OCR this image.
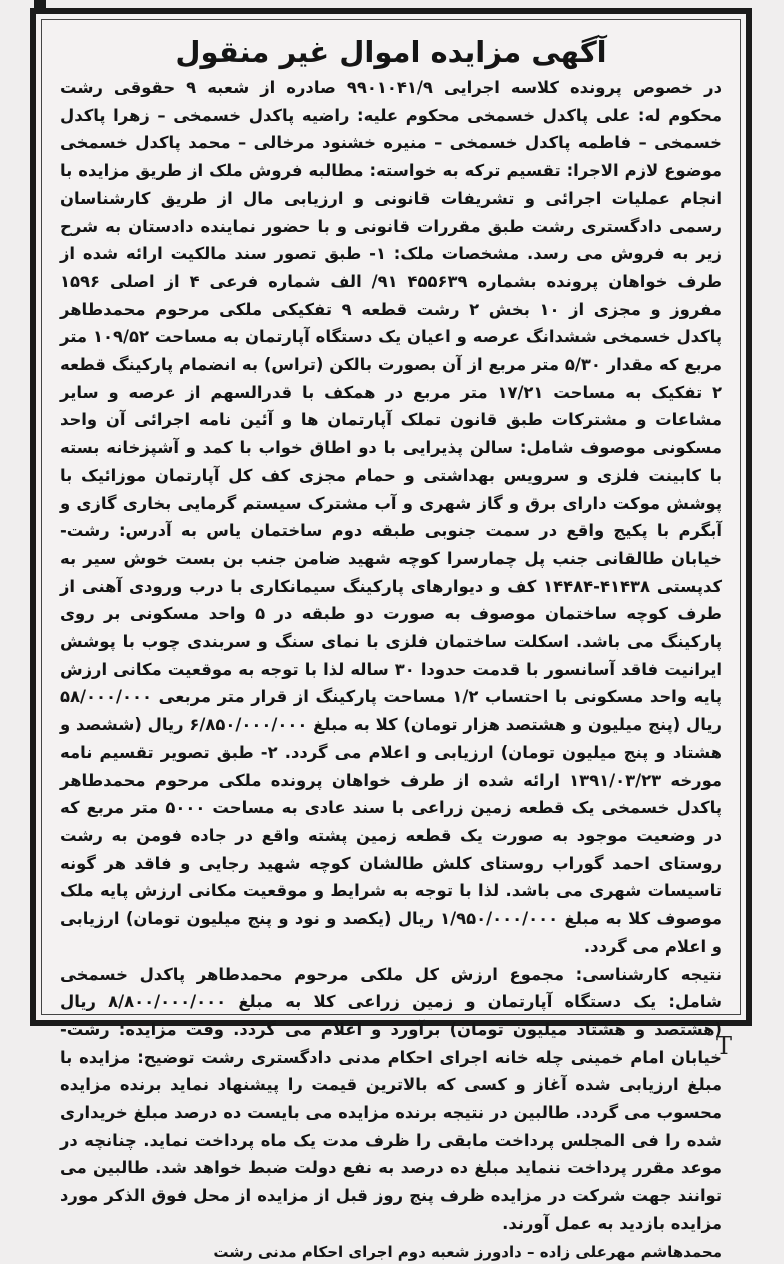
آگهی مزایده اموال غیر منقول

در خصوص پرونده کلاسه اجرایی ۹۹۰۱۰۴۱/۹ صادره از شعبه ۹ حقوقی رشت محکوم له: علی پاکدل خسمخی محکوم علیه: راضیه پاکدل خسمخی – زهرا پاکدل خسمخی – فاطمه پاکدل خسمخی – منیره خشنود مرخالی – محمد پاکدل خسمخی موضوع لازم الاجرا: تقسیم ترکه به خواسته: مطالبه فروش ملک از طریق مزایده با انجام عملیات اجرائی و تشریفات قانونی و ارزیابی مال از طریق کارشناسان رسمی دادگستری رشت طبق مقررات قانونی و با حضور نماینده دادستان به شرح زیر به فروش می رسد. مشخصات ملک: ۱- طبق تصور سند مالکیت ارائه شده از طرف خواهان پرونده بشماره ۴۵۵۶۳۹ ۹۱/ الف شماره فرعی ۴ از اصلی ۱۵۹۶ مفروز و مجزی از ۱۰ بخش ۲ رشت قطعه ۹ تفکیکی ملکی مرحوم محمدطاهر پاکدل خسمخی ششدانگ عرصه و اعیان یک دستگاه آپارتمان به مساحت ۱۰۹/۵۲ متر مربع که مقدار ۵/۳۰ متر مربع از آن بصورت بالکن (تراس) به انضمام پارکینگ قطعه ۲ تفکیک به مساحت ۱۷/۲۱ متر مربع در همکف با قدرالسهم از عرصه و سایر مشاعات و مشترکات طبق قانون تملک آپارتمان ها و آئین نامه اجرائی آن واحد مسکونی موصوف شامل: سالن پذیرایی با دو اطاق خواب با کمد و آشپزخانه بسته با کابینت فلزی و سرویس بهداشتی و حمام مجزی کف کل آپارتمان موزائیک با پوشش موکت دارای برق و گاز شهری و آب مشترک سیستم گرمایی بخاری گازی و آبگرم با پکیج واقع در سمت جنوبی طبقه دوم ساختمان یاس به آدرس: رشت- خیابان طالقانی جنب پل چمارسرا کوچه شهید ضامن جنب بن بست خوش سیر به کدپستی ۴۱۴۳۸-۱۴۴۸۴ کف و دیوارهای پارکینگ سیمانکاری با درب ورودی آهنی از طرف کوچه ساختمان موصوف به صورت دو طبقه در ۵ واحد مسکونی بر روی پارکینگ می باشد. اسکلت ساختمان فلزی با نمای سنگ و سربندی چوب با پوشش ایرانیت فاقد آسانسور با قدمت حدودا ۳۰ ساله لذا با توجه به موقعیت مکانی ارزش پایه واحد مسکونی با احتساب ۱/۲ مساحت پارکینگ از قرار متر مربعی ۵۸/۰۰۰/۰۰۰ ریال (پنج میلیون و هشتصد هزار تومان) کلا به مبلغ ۶/۸۵۰/۰۰۰/۰۰۰ ریال (ششصد و هشتاد و پنج میلیون تومان) ارزیابی و اعلام می گردد. ۲- طبق تصویر تقسیم نامه مورخه ۱۳۹۱/۰۳/۲۳ ارائه شده از طرف خواهان پرونده ملکی مرحوم محمدطاهر پاکدل خسمخی یک قطعه زمین زراعی با سند عادی به مساحت ۵۰۰۰ متر مربع که در وضعیت موجود به صورت یک قطعه زمین پشته واقع در جاده فومن به رشت روستای احمد گوراب روستای کلش طالشان کوچه شهید رجایی و فاقد هر گونه تاسیسات شهری می باشد. لذا با توجه به شرایط و موقعیت مکانی ارزش پایه ملک موصوف کلا به مبلغ ۱/۹۵۰/۰۰۰/۰۰۰ ریال (یکصد و نود و پنج میلیون تومان) ارزیابی و اعلام می گردد.

نتیجه کارشناسی: مجموع ارزش کل ملکی مرحوم محمدطاهر پاکدل خسمخی شامل: یک دستگاه آپارتمان و زمین زراعی کلا به مبلغ ۸/۸۰۰/۰۰۰/۰۰۰ ریال (هشتصد و هشتاد میلیون تومان) برآورد و اعلام می گردد. وقت مزایده: رشت- خیابان امام خمینی چله خانه اجرای احکام مدنی دادگستری رشت توضیح: مزایده با مبلغ ارزیابی شده آغاز و کسی که بالاترین قیمت را پیشنهاد نماید برنده مزایده محسوب می گردد. طالبین در نتیجه برنده مزایده می بایست ده درصد مبلغ خریداری شده را فی المجلس پرداخت مابقی را ظرف مدت یک ماه پرداخت نماید. چنانچه در موعد مقرر پرداخت ننماید مبلغ ده درصد به نفع دولت ضبط خواهد شد. طالبین می توانند جهت شرکت در مزایده ظرف پنج روز قبل از مزایده از محل فوق الذکر مورد مزایده بازدید به عمل آورند.

محمدهاشم مهرعلی زاده – دادورز شعبه دوم اجرای احکام مدنی رشت
T
